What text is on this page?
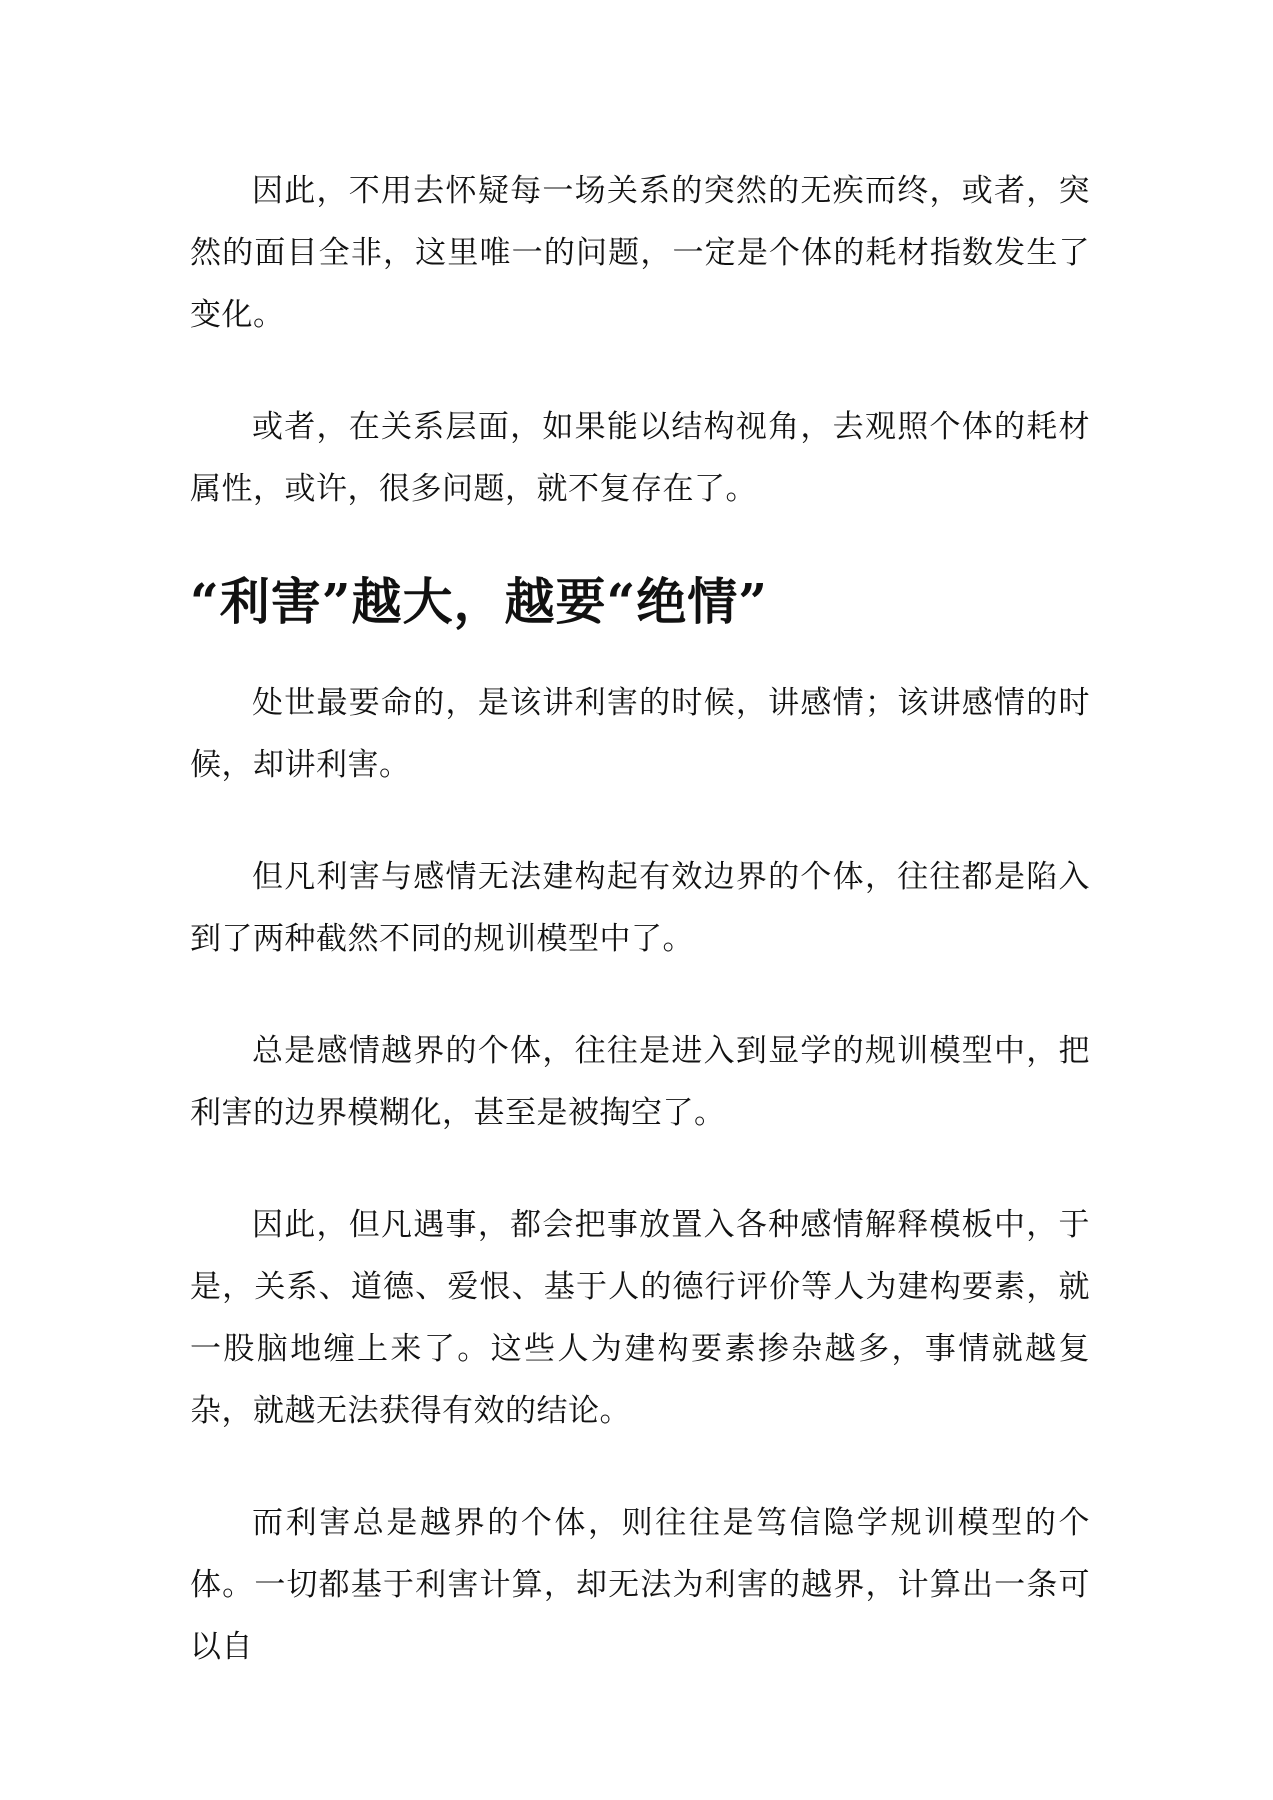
因此，不用去怀疑每一场关系的突然的无疾而终，或者，突然的面目全非，这里唯一的问题，一定是个体的耗材指数发生了变化。

或者，在关系层面，如果能以结构视角，去观照个体的耗材属性，或许，很多问题，就不复存在了。

“利害”越大，越要“绝情”

处世最要命的，是该讲利害的时候，讲感情；该讲感情的时候，却讲利害。

但凡利害与感情无法建构起有效边界的个体，往往都是陷入到了两种截然不同的规训模型中了。

总是感情越界的个体，往往是进入到显学的规训模型中，把利害的边界模糊化，甚至是被掏空了。

因此，但凡遇事，都会把事放置入各种感情解释模板中，于是，关系、道德、爱恨、基于人的德行评价等人为建构要素，就一股脑地缠上来了。这些人为建构要素掺杂越多，事情就越复杂，就越无法获得有效的结论。

而利害总是越界的个体，则往往是笃信隐学规训模型的个体。一切都基于利害计算，却无法为利害的越界，计算出一条可以自
